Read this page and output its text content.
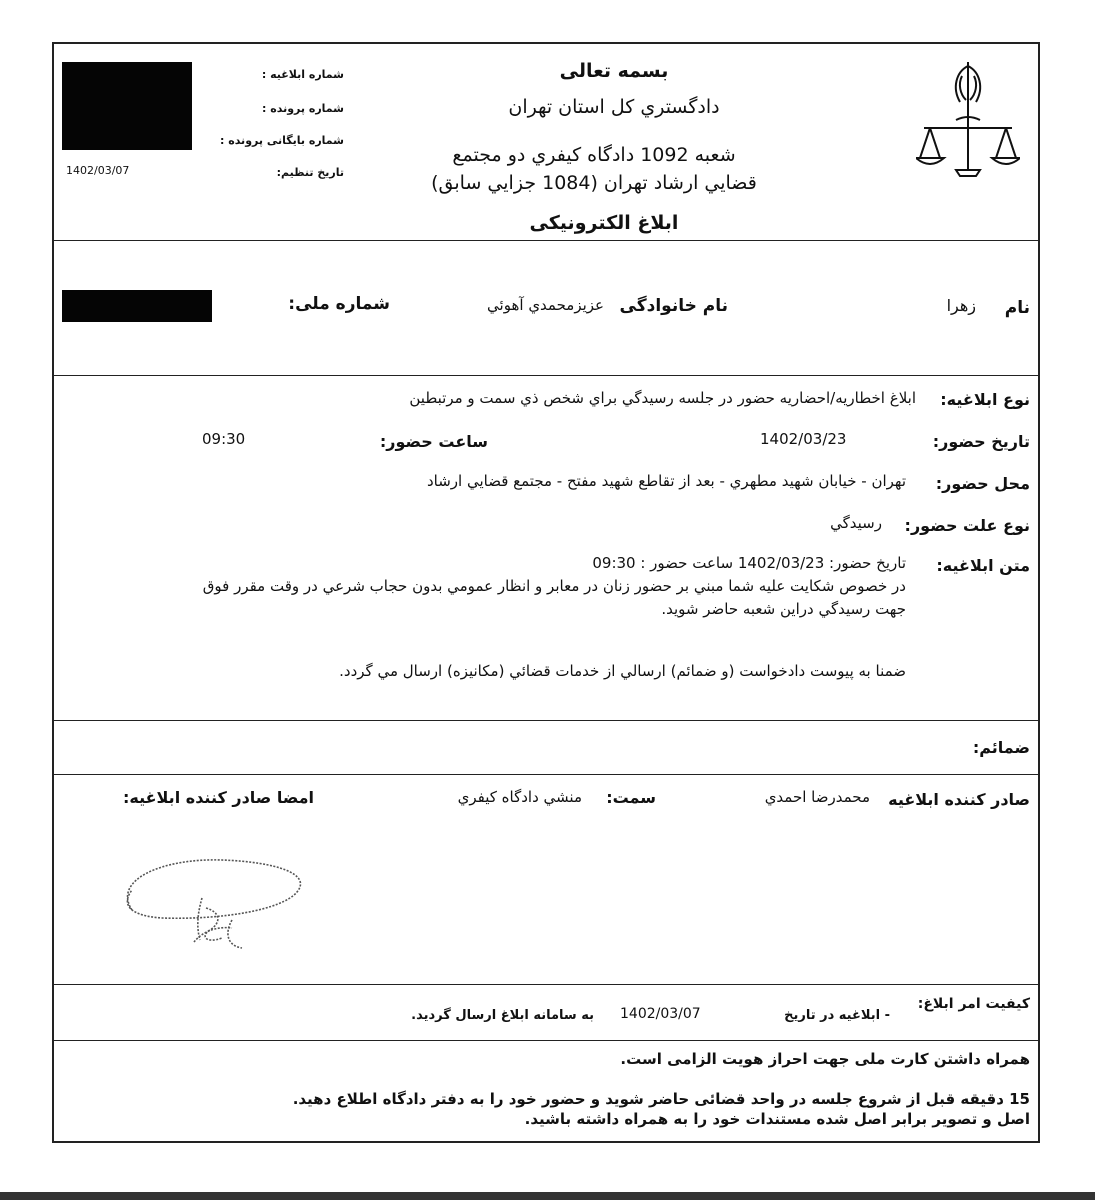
بسمه تعالی
دادگستري کل استان تهران
شعبه 1092 دادگاه کيفري دو مجتمع
قضايي ارشاد تهران (1084 جزايي سابق)
ابلاغ الکترونیکی
شماره ابلاغیه :
شماره پرونده :
شماره بایگانی پرونده :
تاریخ تنظیم:
1402/03/07
نام
زهرا
نام خانوادگی
عزيزمحمدي آهوئي
شماره ملی:
نوع ابلاغیه:
ابلاغ اخطاريه/احضاريه حضور در جلسه رسيدگي براي شخص ذي سمت و مرتبطين
تاریخ حضور:
1402/03/23
ساعت حضور:
09:30
محل حضور:
تهران - خيابان شهيد مطهري - بعد از تقاطع شهيد مفتح - مجتمع قضايي ارشاد
نوع علت حضور:
رسيدگي
متن ابلاغیه:
تاريخ حضور: 1402/03/23 ساعت حضور : 09:30
در خصوص شکايت عليه شما مبني بر حضور زنان در معابر و انظار عمومي بدون حجاب شرعي در وقت مقرر فوق
جهت رسيدگي دراين شعبه حاضر شويد.
ضمنا به پيوست دادخواست (و ضمائم) ارسالي از خدمات قضائي (مکانيزه) ارسال مي گردد.
ضمائم:
صادر کننده ابلاغیه
محمدرضا احمدي
سمت:
منشي دادگاه کيفري
امضا صادر کننده ابلاغیه:
کیفیت امر ابلاغ:
- ابلاغیه در تاریخ
1402/03/07
به سامانه ابلاغ ارسال گردید.
همراه داشتن کارت ملی جهت احراز هویت الزامی است.
15 دقیقه قبل از شروع جلسه در واحد قضائی حاضر شوید و حضور خود را به دفتر دادگاه اطلاع دهید.
اصل و تصویر برابر اصل شده مستندات خود را به همراه داشته باشید.
